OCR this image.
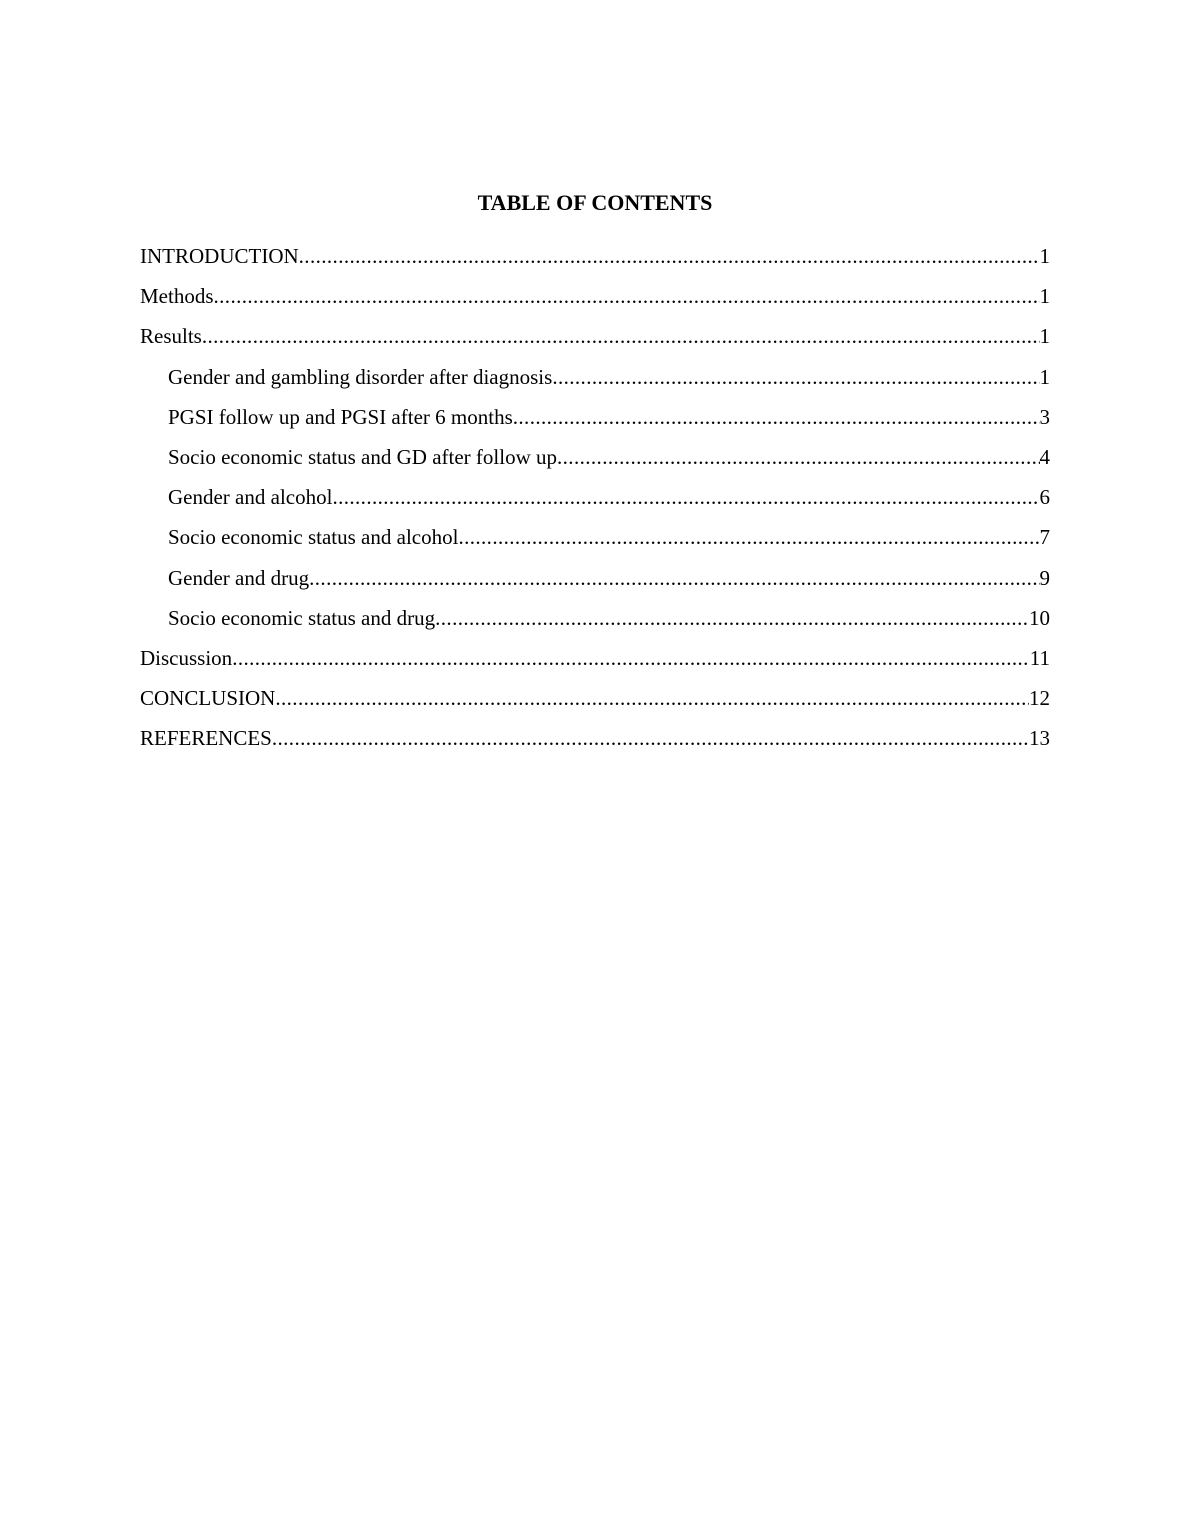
TABLE OF CONTENTS
INTRODUCTION .....	1
Methods .....	1
Results .....	1
Gender and gambling disorder after diagnosis .....	1
PGSI follow up and PGSI after 6 months .....	3
Socio economic status and GD after follow up .....	4
Gender and alcohol .....	6
Socio economic status and alcohol .....	7
Gender and drug .....	9
Socio economic status and drug .....	10
Discussion .....	11
CONCLUSION .....	12
REFERENCES .....	13
